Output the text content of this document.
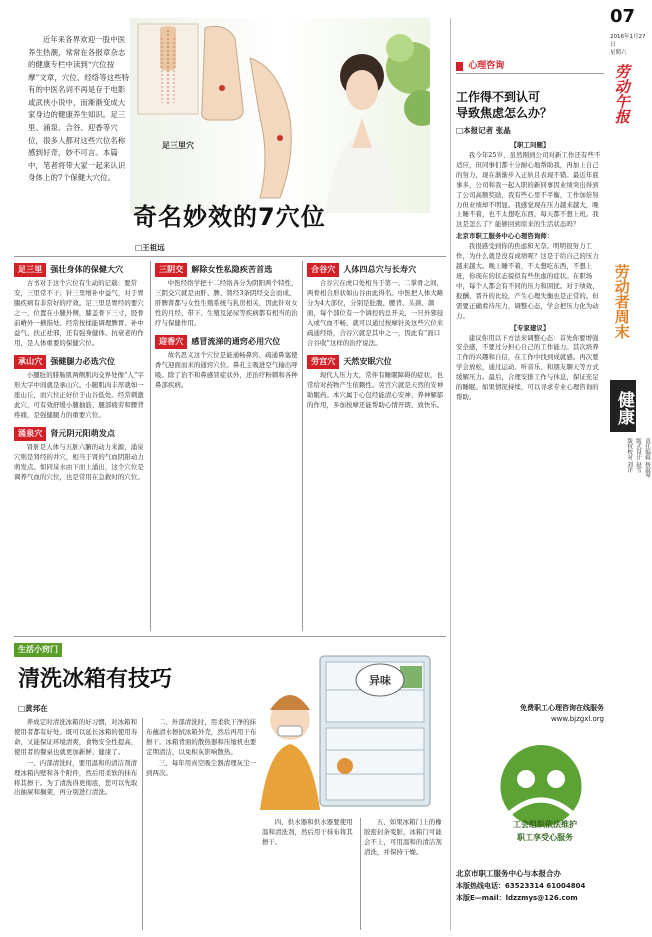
近年来各界欢迎一股中医养生热潮，常常在各报章杂志的健康专栏中读到“穴位按摩”文章，穴位、经络等这些特有的中医名词不再是存于电影或武侠小说中，而渐渐变成大家身边的健康养生知识。足三里、涌泉、合谷、迎香等穴位，很多人都对这些穴位名称感到好奇，妙不可言。本篇中，笔者将带大家一起来认识身体上的7个保健大穴位。

足三里穴
奇名妙效的7穴位
□王祖远
足三里 强壮身体的保健大穴

古书对于这个穴位有生动的记载：要常安，三里常不干；针三里增补中益气，对于胃腸疾病有非常好的疗效。足三里是胃经的要穴之一，位置在小腿外侧，膝盖骨下三寸，胫骨前嵴外一横指处。经常按揉能调理脾胃、补中益气、扶正祛邪，还有强身健体、抗衰老的作用，是人体重要的保健穴位。

承山穴 强健腿力必选穴位

小腿肚的腓肠肌两侧肌肉交界处像“人”字形大字中间就是承山穴。小腿肌肉丰厚就如一座山丘，而穴位正好位于山谷低处。经常刺激此穴，可有效舒缓小腿抽筋、腿部疲劳和腰背疼痛，是强健腿力的重要穴位。

涌泉穴 肾元阴元阳萌发点

肾脏是人体与五脏六腑的动力来源，涌泉穴则是肾经的井穴，相当于肾的气血阴阳动力萌发点。如同泉水由下而上涌出，这个穴位是调养气血的穴位，也是常用在急救时的穴位。

三阴交 解除女性私隐疾苦首选

中医经络学把十二经络各分为阴阳两个特性，三阴交穴就是由肝、脾、肾经3条阴经交会而成。肝脾肾都与女性生殖系统与乳房相关，因此针对女性的月经、带下、生殖及泌尿等疾病都有相当的治疗与保健作用。

迎香穴 感冒流涕的通窍必用穴位

故名思义这个穴位是能通畅鼻窍、疏通鼻塞使香气迎面而来的通窍穴位。鼻孔主吸进空气输出呼吸。除了治不和鼻感冒症状外，还治疗粉刺和各种鼻部疾病。

合谷穴 人体四总穴与长寿穴

合谷穴在虎口处相当于第一、二掌骨之间，两骨相合形状如山谷由此得名。中医把人体大略分为4大部位，分别是肚腹、腰背、头颈、颜面，每个部位有一个调控的总开关，一旦外邪侵入或气血不畅，就可以通过按摩针灸这些穴位来疏通经络，合谷穴就是其中之一，因此有“面口合谷收”这样的治疗说法。

劳宫穴 天然安眠穴位

现代人压力大，常伴有睡眠障碍的症状，也常给对药物产生依赖性。劳宫穴就是天然的安神助眠药。本穴属于心包经能清心安神、养神解郁的作用，多加按摩还能帮助心情开朗、致快乐。

生活小窍门
清洗冰箱有技巧
□黄邦在

养成定时清洗冰箱的好习惯，对冰箱和使用者都有好处。既可以延长冰箱的使用寿命，又能保证环境清爽，食物安全性提高，使用者的餐桌也就更加新鲜、健康了。

一、内部清洗时，要用温和的清洁剂清理冰箱内壁和各个附件，然后用柔软的抹布将其擦干。为了清洗得更彻底，您可以先取出抽屉和搁架，再分别进行清洗。

二、外部清洗时，用柔软干净的抹布蘸清水擦拭冰箱外壳，然后再用干布擦干。冰箱背面的散热器和压缩机也要定期清洁，以免积灰影响散热。

三、每年用真空吸尘器清理灰尘一到两次。

异味

四、供水器和供水器要使用温和清洗剂，然后用干抹布将其擦干。

五、如果冰箱门上的橡胶密封条变脏，冰箱门可能会不上，可用温和的清洁剂清洗，并保持干燥。

心理咨询
工作得不到认可
导致焦虑怎么办？
□本报记者 张晶
【职工问题】

我今年25岁，虽然刚到公司对新工作还有些不适应，但同事们都十分耐心地帮助我，再加上自己的努力，现在渐渐步入正轨且表现不错。最近年底事多，公司和我一起入职的新同事因业绩突出得到了公司高额奖励，我有些心里不平衡，工作加倍努力但业绩却不明显。我感觉现在压力越来越大，晚上睡不着，也不太想吃东西，每天都不想上班。我这是怎么了？能够回到原来的生活状态吗？

北京市职工服务中心心理咨询师：

我很感受到你的焦虑和无奈。明明很努力工作，为什么就是没有成绩呢？这是于给自己的压力越来越大。晚上睡不着，不太想吃东西，不想上班，你现在的状态貌似有些焦虑的症状。在职场中，每个人都会有不同的压力和困扰。对于绩效、报酬、晋升的比较，产生心理失衡也是正常的。但需要正确看待压力，调整心态，学会把压力化为动力。

【专家建议】

建议你用以下方法来调整心态：首先你要增强安全感，不要过分担心自己的工作能力。其次培养工作的兴趣和自信，在工作中找到成就感。再次要学会放松，通过运动、听音乐、和朋友聊天等方式缓解压力。最后，合理安排工作与休息，保证充足的睡眠。如果情况持续，可以寻求专业心理咨询的帮助。

免费职工心理咨询在线服务
www.bjzgxl.org
工会组织依法维护
职工享受心服务
北京市职工服务中心与本报合办
本版热线电话：63523314 61004804
本版E—mail：ldzzmys@126.com
07
2016年1月27日
星期六
劳动午报
劳动者周末
健康
责任编辑 杨淑琴
版式设计 赵雪
版权校对 刘洋
